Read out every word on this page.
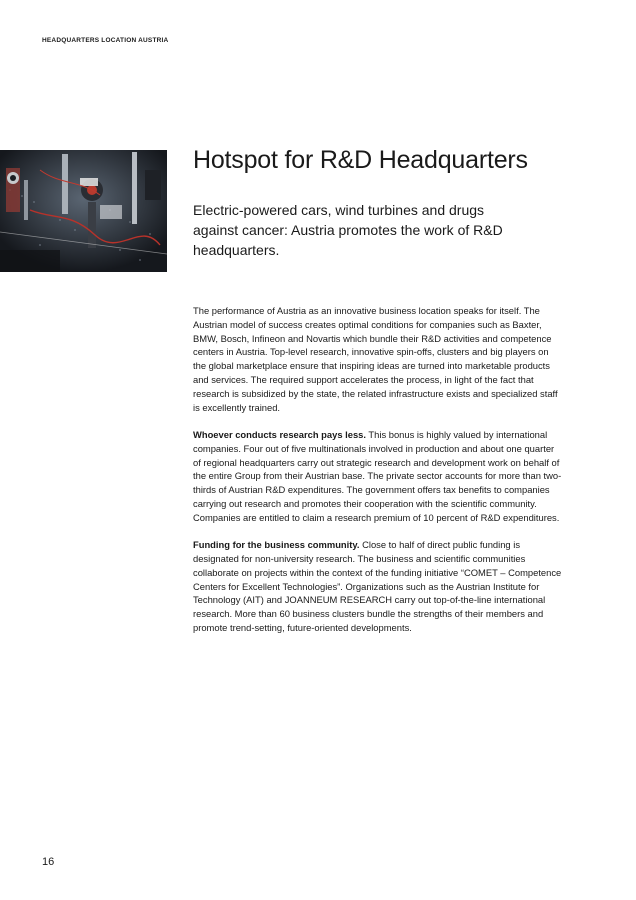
HEADQUARTERS LOCATION AUSTRIA
Hotspot for R&D Headquarters

Electric-powered cars, wind turbines and drugs against cancer: Austria promotes the work of R&D headquarters.

The performance of Austria as an innovative business location speaks for itself. The Austrian model of success creates optimal conditions for companies such as Baxter, BMW, Bosch, Infineon and Novartis which bundle their R&D activities and competence centers in Austria. Top-level research, innovative spin-offs, clusters and big players on the global marketplace ensure that inspiring ideas are turned into marketable products and services. The required support accelerates the process, in light of the fact that research is subsidized by the state, the related infrastructure exists and specialized staff is excellently trained.

Whoever conducts research pays less. This bonus is highly valued by international companies. Four out of five multinationals involved in production and about one quarter of regional headquarters carry out strategic research and development work on behalf of the entire Group from their Austrian base. The private sector accounts for more than two-thirds of Austrian R&D expenditures. The government offers tax benefits to companies carrying out research and promotes their cooperation with the scientific community. Companies are entitled to claim a research premium of 10 percent of R&D expenditures.

Funding for the business community. Close to half of direct public funding is designated for non-university research. The business and scientific communities collaborate on projects within the context of the funding initiative “COMET – Competence Centers for Excellent Technologies”. Organizations such as the Austrian Institute for Technology (AIT) and JOANNEUM RESEARCH carry out top-of-the-line international research. More than 60 business clusters bundle the strengths of their members and promote trend-setting, future-oriented developments.

16
